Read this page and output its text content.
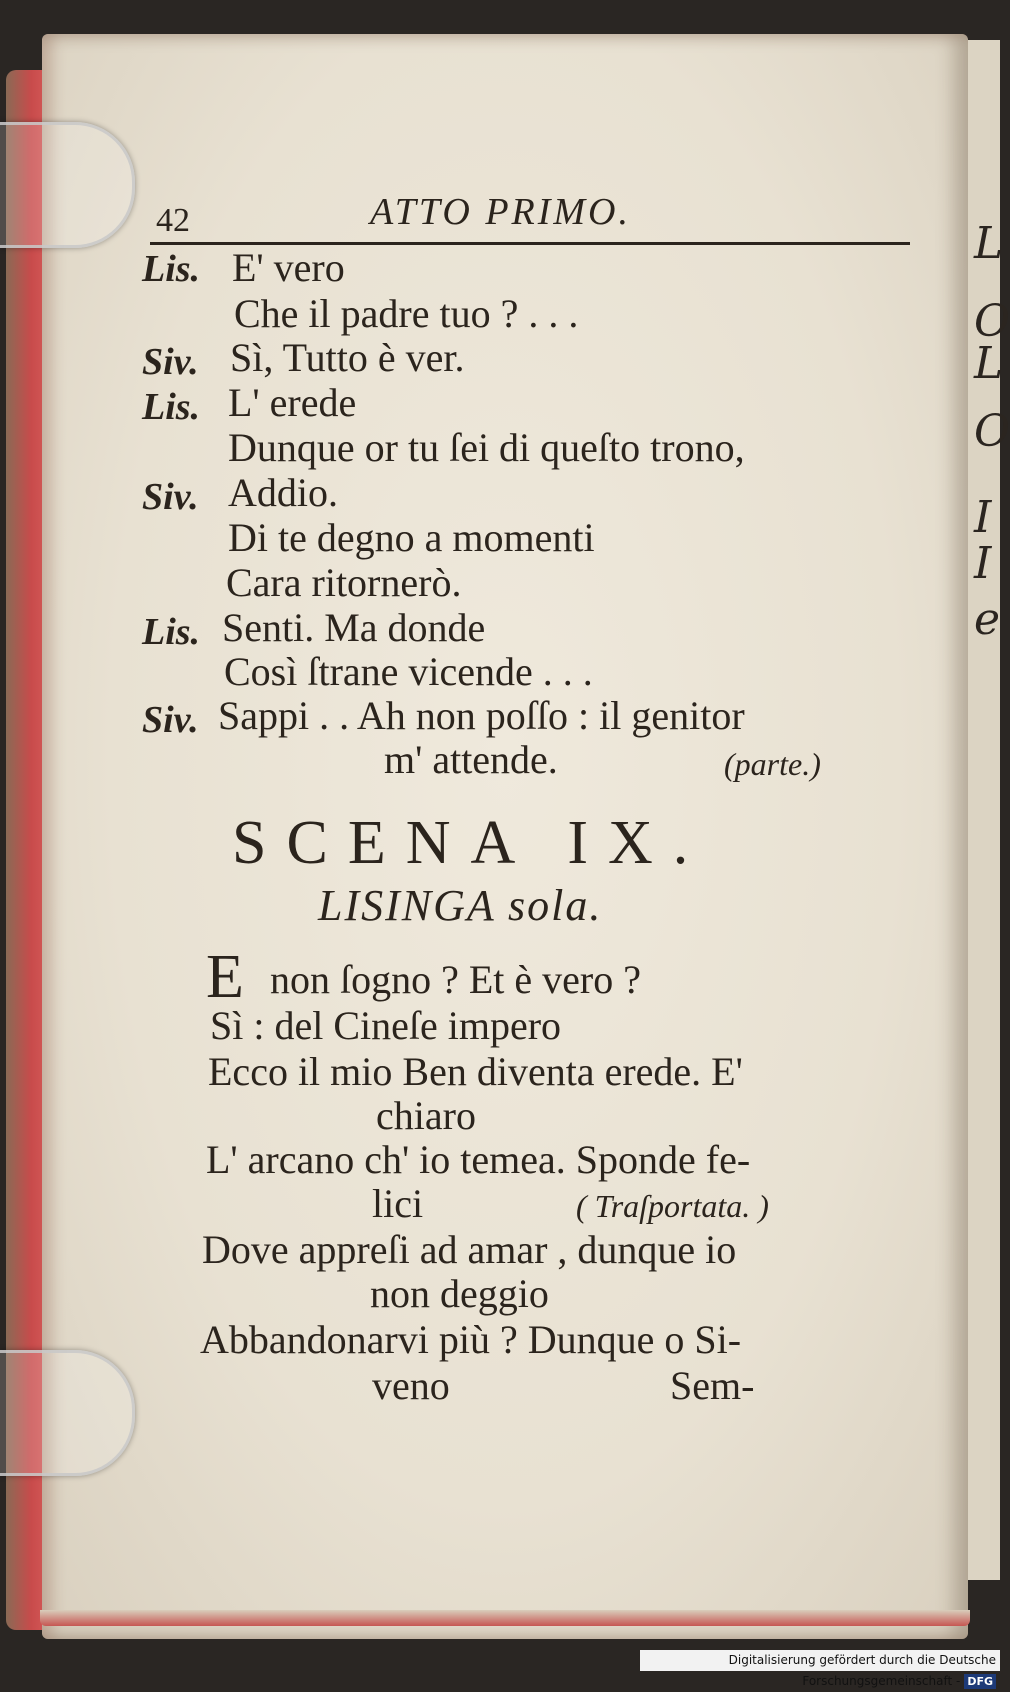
L
O
L
O
I
I
e
42	ATTO PRIMO.
Lis. E' vero
Che il padre tuo ? . . .
Siv. Sì, Tutto è ver.
Lis. L' erede
Dunque or tu ſei di queſto trono,
Siv. Addio.
Di te degno a momenti
Cara ritornerò.
Lis. Senti. Ma donde
Così ſtrane vicende . . .
Siv. Sappi . . Ah non poſſo : il genitor
m' attende.	(parte.)
SCENA IX.
LISINGA sola.
E non ſogno ? Et è vero ?
Sì : del Cineſe impero
Ecco il mio Ben diventa erede. E'
chiaro
L' arcano ch' io temea. Sponde fe-
lici	( Traſportata. )
Dove appreſi ad amar , dunque io
non deggio
Abbandonarvi più ? Dunque o Si-
veno	Sem-
Digitalisierung gefördert durch die Deutsche Forschungsgemeinschaft - DFG
